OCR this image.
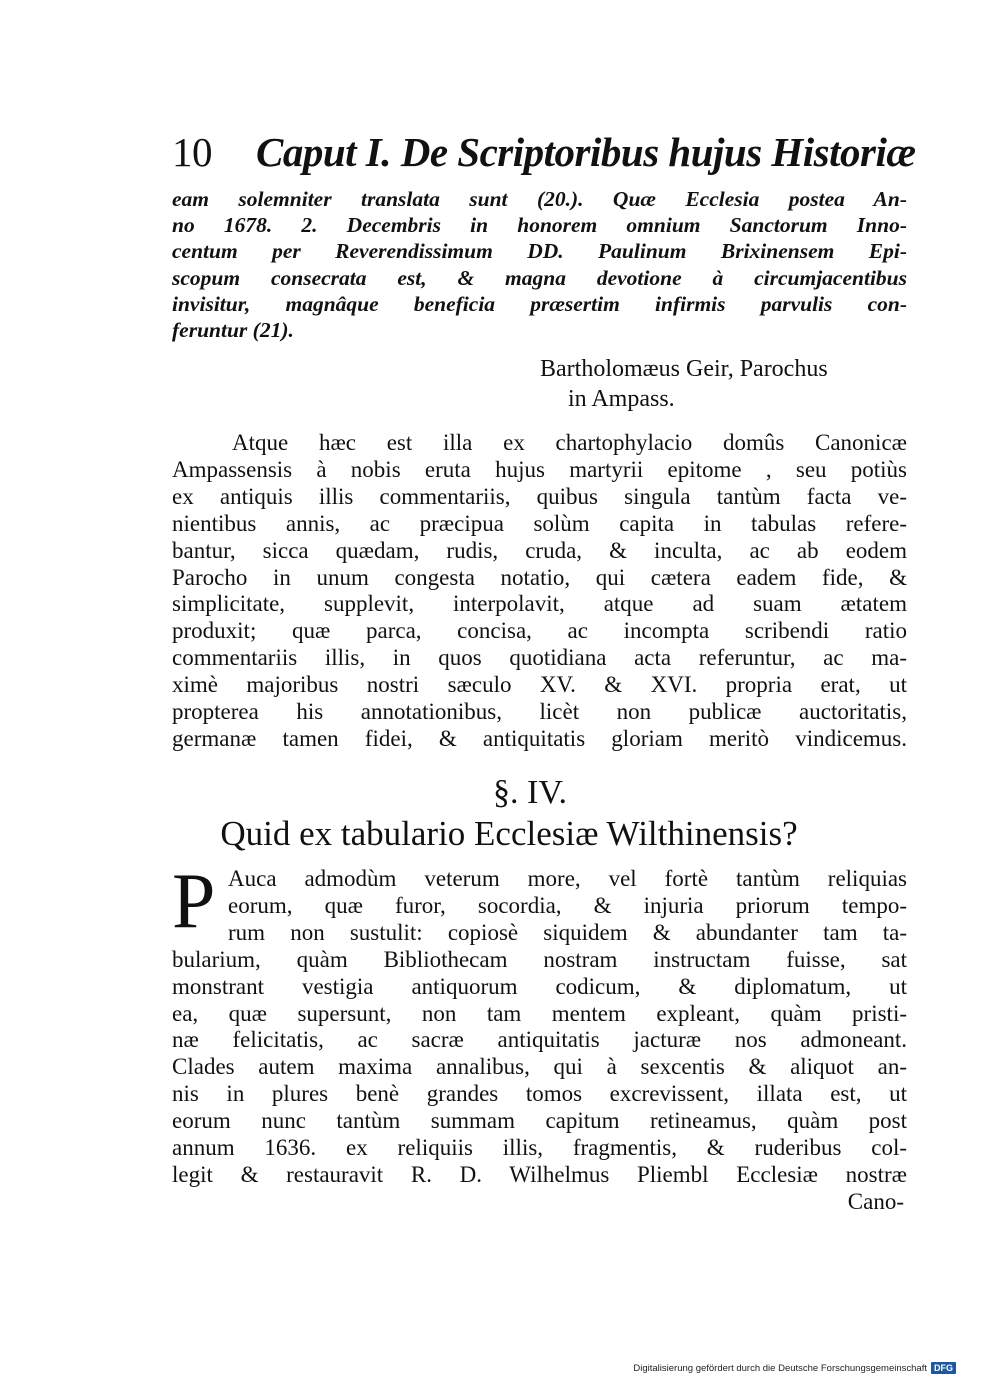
10 Caput I. De Scriptoribus hujus Historiæ
eam solemniter translata sunt (20.). Quæ Ecclesia postea An-
no 1678. 2. Decembris in honorem omnium Sanctorum Inno-
centum per Reverendissimum DD. Paulinum Brixinensem Epi-
scopum consecrata est, & magna devotione à circumjacentibus
invisitur, magnâque beneficia præsertim infirmis parvulis con-
feruntur (21).
Bartholomæus Geir, Parochus
in Ampass.
Atque hæc est illa ex chartophylacio domûs Canonicæ
Ampassensis à nobis eruta hujus martyrii epitome , seu potiùs
ex antiquis illis commentariis, quibus singula tantùm facta ve-
nientibus annis, ac præcipua solùm capita in tabulas refere-
bantur, sicca quædam, rudis, cruda, & inculta, ac ab eodem
Parocho in unum congesta notatio, qui cætera eadem fide, &
simplicitate, supplevit, interpolavit, atque ad suam ætatem
produxit; quæ parca, concisa, ac incompta scribendi ratio
commentariis illis, in quos quotidiana acta referuntur, ac ma-
ximè majoribus nostri sæculo XV. & XVI. propria erat, ut
propterea his annotationibus, licèt non publicæ auctoritatis,
germanæ tamen fidei, & antiquitatis gloriam meritò vindicemus.
§. IV.
Quid ex tabulario Ecclesiæ Wilthinensis?
P Auca admodùm veterum more, vel fortè tantùm reliquias
eorum, quæ furor, socordia, & injuria priorum tempo-
rum non sustulit: copiosè siquidem & abundanter tam ta-
bularium, quàm Bibliothecam nostram instructam fuisse, sat
monstrant vestigia antiquorum codicum, & diplomatum, ut
ea, quæ supersunt, non tam mentem expleant, quàm pristi-
næ felicitatis, ac sacræ antiquitatis jacturæ nos admoneant.
Clades autem maxima annalibus, qui à sexcentis & aliquot an-
nis in plures benè grandes tomos excrevissent, illata est, ut
eorum nunc tantùm summam capitum retineamus, quàm post
annum 1636. ex reliquiis illis, fragmentis, & ruderibus col-
legit & restauravit R. D. Wilhelmus Pliembl Ecclesiæ nostræ
Cano-
Digitalisierung gefördert durch die Deutsche Forschungsgemeinschaft DFG
